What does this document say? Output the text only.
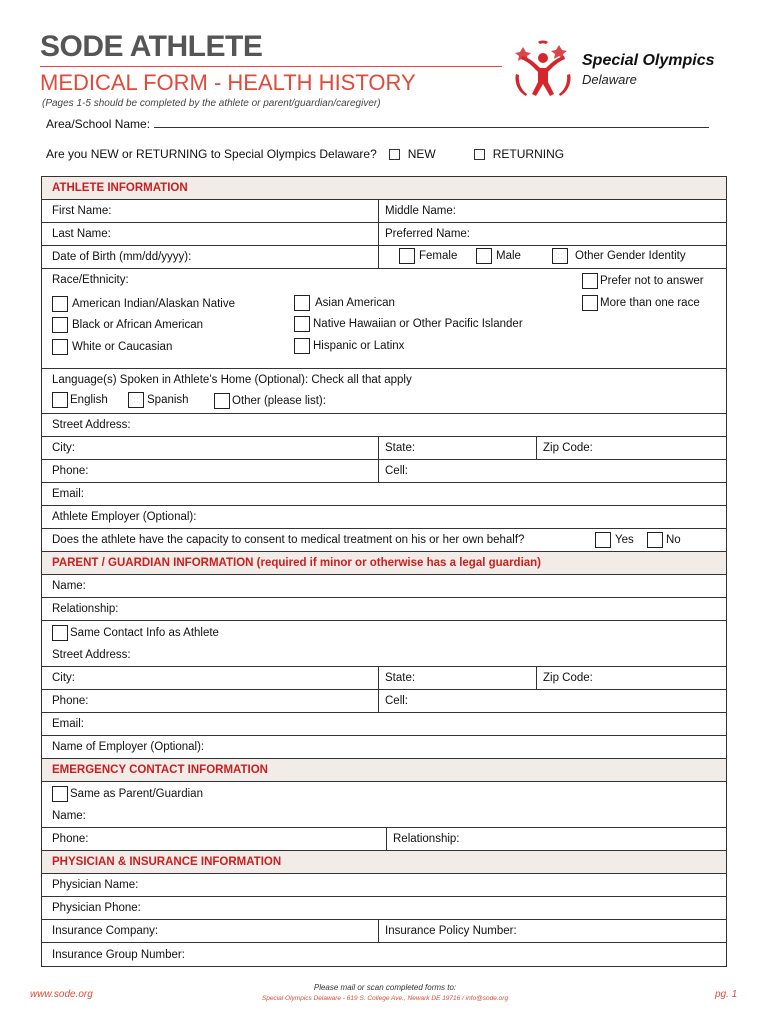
SODE ATHLETE
MEDICAL FORM - HEALTH HISTORY
(Pages 1-5 should be completed by the athlete or parent/guardian/caregiver)
Special Olympics
Delaware
Area/School Name:
Are you NEW or RETURNING to Special Olympics Delaware?	NEW	RETURNING
ATHLETE INFORMATION
First Name:	Middle Name:
Last Name:	Preferred Name:
Date of Birth (mm/dd/yyyy):	Female	Male	Other Gender Identity
Race/Ethnicity:	Prefer not to answer
American Indian/Alaskan Native	Asian American	More than one race
Black or African American	Native Hawaiian or Other Pacific Islander
White or Caucasian	Hispanic or Latinx
Language(s) Spoken in Athlete’s Home (Optional): Check all that apply
English	Spanish	Other (please list):
Street Address:
City:	State:	Zip Code:
Phone:	Cell:
Email:
Athlete Employer (Optional):
Does the athlete have the capacity to consent to medical treatment on his or her own behalf?	Yes	No
PARENT / GUARDIAN INFORMATION (required if minor or otherwise has a legal guardian)
Name:
Relationship:
Same Contact Info as Athlete
Street Address:
City:	State:	Zip Code:
Phone:	Cell:
Email:
Name of Employer (Optional):
EMERGENCY CONTACT INFORMATION
Same as Parent/Guardian
Name:
Phone:	Relationship:
PHYSICIAN & INSURANCE INFORMATION
Physician Name:
Physician Phone:
Insurance Company:	Insurance Policy Number:
Insurance Group Number:
www.sode.org
Please mail or scan completed forms to:
Special Olympics Delaware - 619 S. College Ave., Newark DE 19716 / info@sode.org	pg. 1
